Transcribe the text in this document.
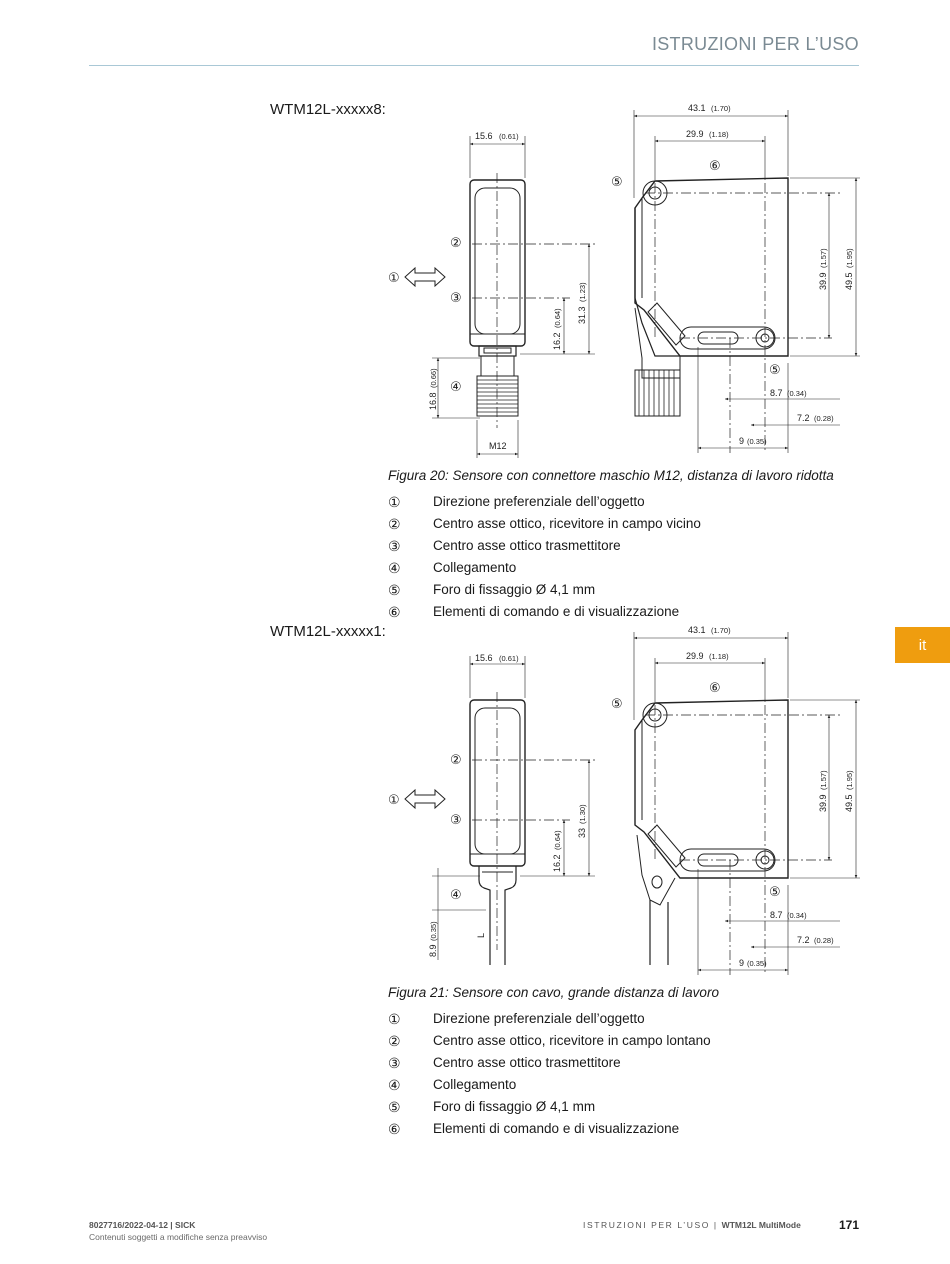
ISTRUZIONI PER L’USO
it
WTM12L-xxxxx8:
15.6 (0.61)
43.1 (1.70)
29.9 (1.18)
31.3
(1.23)
16.2
(0.64)
16.8
(0.66)
39.9
(1.57)
49.5
(1.95)
M12
8.7 (0.34)
7.2 (0.28)
9 (0.35)
①
②
③
④
⑤
⑤
⑥
Figura 20: Sensore con connettore maschio M12, distanza di lavoro ridotta
①	Direzione preferenziale dell’oggetto
②	Centro asse ottico, ricevitore in campo vicino
③	Centro asse ottico trasmettitore
④	Collegamento
⑤	Foro di fissaggio Ø 4,1 mm
⑥	Elementi di comando e di visualizzazione
WTM12L-xxxxx1:
15.6 (0.61)
43.1 (1.70)
29.9 (1.18)
33
(1.30)
16.2
(0.64)
8.9
(0.35)
39.9
(1.57)
49.5
(1.95)
L
8.7 (0.34)
7.2 (0.28)
9 (0.35)
①
②
③
④
⑤
⑤
⑥
Figura 21: Sensore con cavo, grande distanza di lavoro
①	Direzione preferenziale dell’oggetto
②	Centro asse ottico, ricevitore in campo lontano
③	Centro asse ottico trasmettitore
④	Collegamento
⑤	Foro di fissaggio Ø 4,1 mm
⑥	Elementi di comando e di visualizzazione
8027716/2022-04-12 | SICK
Contenuti soggetti a modifiche senza preavviso
ISTRUZIONI PER L’USO | WTM12L MultiMode	171
